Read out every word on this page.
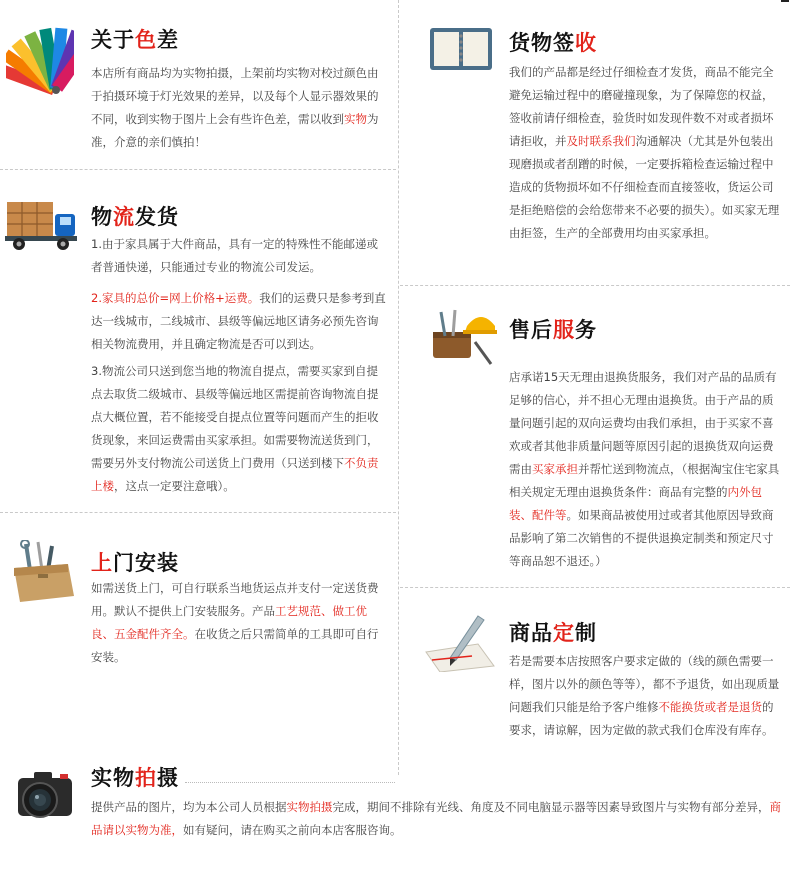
关于色差

本店所有商品均为实物拍摄，上架前均实物对校过颜色由于拍摄环境于灯光效果的差异，以及每个人显示器效果的不同，收到实物于图片上会有些许色差，需以收到实物为准，介意的亲们慎拍！

物流发货

1.由于家具属于大件商品，具有一定的特殊性不能邮递或者普通快递，只能通过专业的物流公司发运。

2.家具的总价=网上价格+运费。我们的运费只是参考到直达一线城市，二线城市、县级等偏远地区请务必预先咨询相关物流费用，并且确定物流是否可以到达。

3.物流公司只送到您当地的物流自提点，需要买家到自提点去取货二级城市、县级等偏远地区需提前咨询物流自提点大概位置，若不能接受自提点位置等问题而产生的拒收货现象，来回运费需由买家承担。如需要物流送货到门，需要另外支付物流公司送货上门费用（只送到楼下不负责上楼，这点一定要注意哦）。

上门安装

如需送货上门，可自行联系当地货运点并支付一定送货费用。默认不提供上门安装服务。产品工艺规范、做工优良、五金配件齐全。在收货之后只需简单的工具即可自行安装。

货物签收

我们的产品都是经过仔细检查才发货，商品不能完全避免运输过程中的磨碰撞现象，为了保障您的权益，签收前请仔细检查，验货时如发现件数不对或者损坏请拒收，并及时联系我们沟通解决（尤其是外包装出现磨损或者刮蹭的时候，一定要拆箱检查运输过程中造成的货物损坏如不仔细检查而直接签收，货运公司是拒绝赔偿的会给您带来不必要的损失）。如买家无理由拒签，生产的全部费用均由买家承担。

售后服务

店承诺15天无理由退换货服务，我们对产品的品质有足够的信心，并不担心无理由退换货。由于产品的质量问题引起的双向运费均由我们承担，由于买家不喜欢或者其他非质量问题等原因引起的退换货双向运费需由买家承担并帮忙送到物流点，（根据淘宝住宅家具相关规定无理由退换货条件：商品有完整的内外包装、配件等。如果商品被使用过或者其他原因导致商品影响了第二次销售的不提供退换定制类和预定尺寸等商品恕不退还。）

商品定制

若是需要本店按照客户要求定做的（线的颜色需要一样，图片以外的颜色等等），都不予退货，如出现质量问题我们只能是给予客户维修不能换货或者是退货的要求，请谅解，因为定做的款式我们仓库没有库存。

实物拍摄

提供产品的图片，均为本公司人员根据实物拍摄完成，期间不排除有光线、角度及不同电脑显示器等因素导致图片与实物有部分差异，商品请以实物为准，如有疑问，请在购买之前向本店客服咨询。
